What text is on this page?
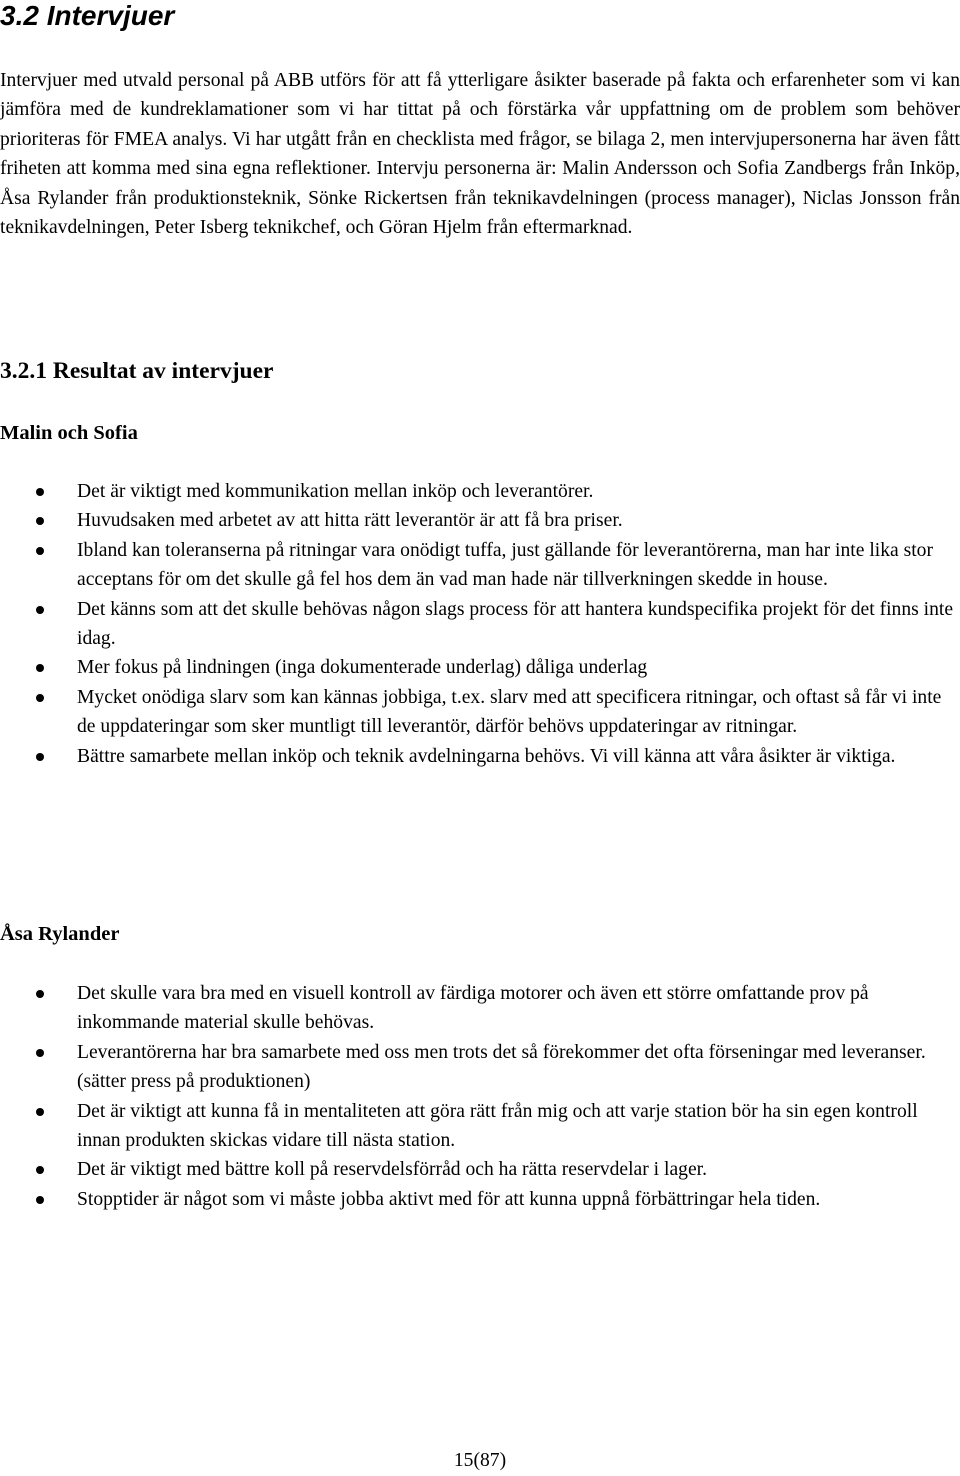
3.2 Intervjuer

Intervjuer med utvald personal på ABB utförs för att få ytterligare åsikter baserade på fakta och erfarenheter som vi kan jämföra med de kundreklamationer som vi har tittat på och förstärka vår uppfattning om de problem som behöver prioriteras för FMEA analys. Vi har utgått från en checklista med frågor, se bilaga 2, men intervjupersonerna har även fått friheten att komma med sina egna reflektioner. Intervju personerna är: Malin Andersson och Sofia Zandbergs från Inköp, Åsa Rylander från produktionsteknik, Sönke Rickertsen från teknikavdelningen (process manager), Niclas Jonsson från teknikavdelningen, Peter Isberg teknikchef, och Göran Hjelm från eftermarknad.

3.2.1 Resultat av intervjuer
Malin och Sofia
Det är viktigt med kommunikation mellan inköp och leverantörer.
Huvudsaken med arbetet av att hitta rätt leverantör är att få bra priser.
Ibland kan toleranserna på ritningar vara onödigt tuffa, just gällande för leverantörerna, man har inte lika stor acceptans för om det skulle gå fel hos dem än vad man hade när tillverkningen skedde in house.
Det känns som att det skulle behövas någon slags process för att hantera kundspecifika projekt för det finns inte idag.
Mer fokus på lindningen (inga dokumenterade underlag) dåliga underlag
Mycket onödiga slarv som kan kännas jobbiga, t.ex. slarv med att specificera ritningar, och oftast så får vi inte de uppdateringar som sker muntligt till leverantör, därför behövs uppdateringar av ritningar.
Bättre samarbete mellan inköp och teknik avdelningarna behövs. Vi vill känna att våra åsikter är viktiga.
Åsa Rylander
Det skulle vara bra med en visuell kontroll av färdiga motorer och även ett större omfattande prov på inkommande material skulle behövas.
Leverantörerna har bra samarbete med oss men trots det så förekommer det ofta förseningar med leveranser. (sätter press på produktionen)
Det är viktigt att kunna få in mentaliteten att göra rätt från mig och att varje station bör ha sin egen kontroll innan produkten skickas vidare till nästa station.
Det är viktigt med bättre koll på reservdelsförråd och ha rätta reservdelar i lager.
Stopptider är något som vi måste jobba aktivt med för att kunna uppnå förbättringar hela tiden.

15(87)
